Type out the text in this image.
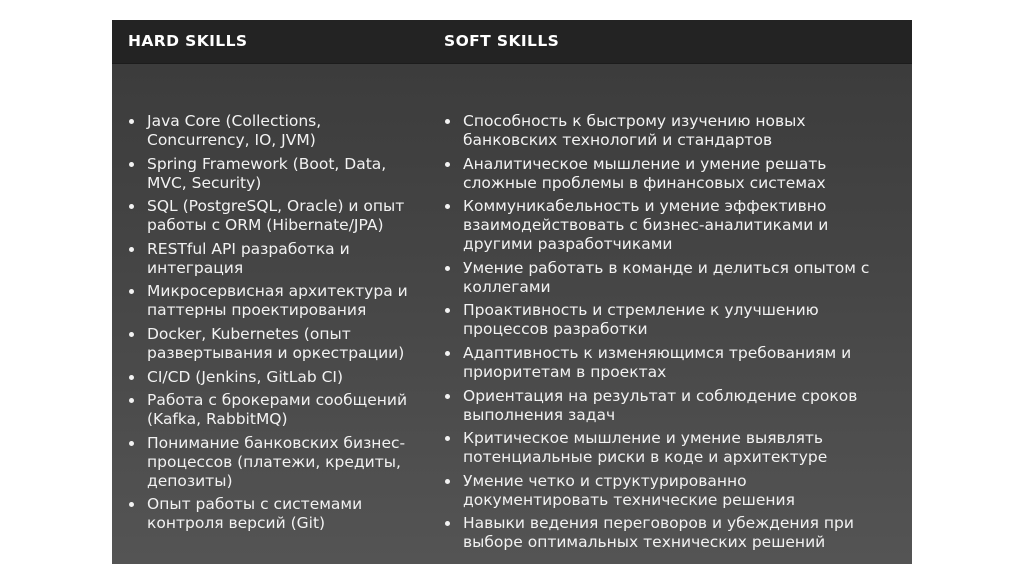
HARD SKILLS	SOFT SKILLS
Java Core (Collections, Concurrency, IO, JVM)
Spring Framework (Boot, Data, MVC, Security)
SQL (PostgreSQL, Oracle) и опыт работы с ORM (Hibernate/JPA)
RESTful API разработка и интеграция
Микросервисная архитектура и паттерны проектирования
Docker, Kubernetes (опыт развертывания и оркестрации)
CI/CD (Jenkins, GitLab CI)
Работа с брокерами сообщений (Kafka, RabbitMQ)
Понимание банковских бизнес-процессов (платежи, кредиты, депозиты)
Опыт работы с системами контроля версий (Git)
Способность к быстрому изучению новых банковских технологий и стандартов
Аналитическое мышление и умение решать сложные проблемы в финансовых системах
Коммуникабельность и умение эффективно взаимодействовать с бизнес-аналитиками и другими разработчиками
Умение работать в команде и делиться опытом с коллегами
Проактивность и стремление к улучшению процессов разработки
Адаптивность к изменяющимся требованиям и приоритетам в проектах
Ориентация на результат и соблюдение сроков выполнения задач
Критическое мышление и умение выявлять потенциальные риски в коде и архитектуре
Умение четко и структурированно документировать технические решения
Навыки ведения переговоров и убеждения при выборе оптимальных технических решений
